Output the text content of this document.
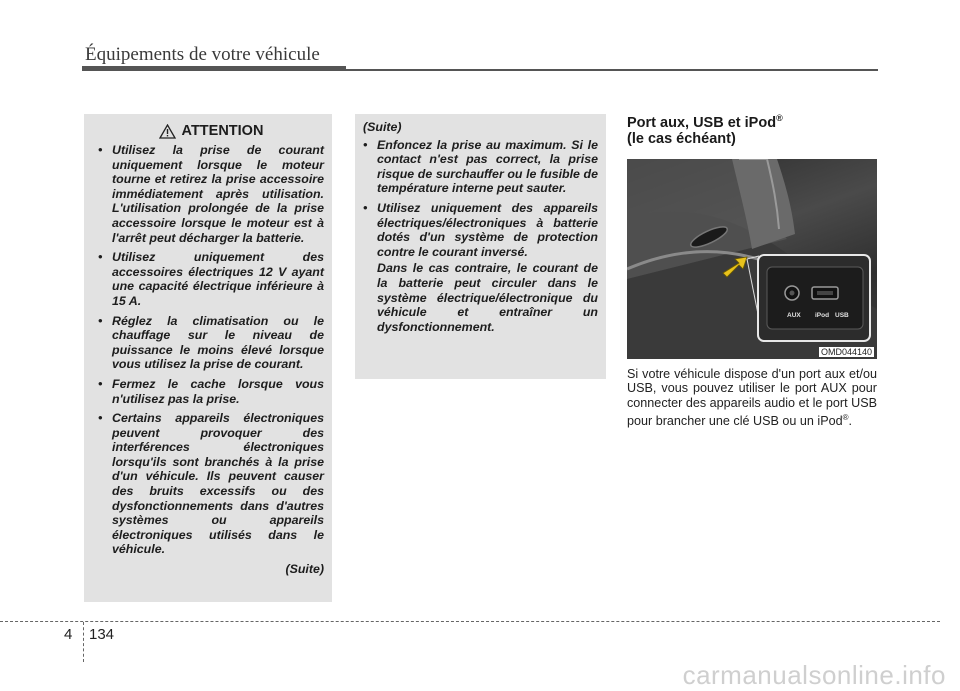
Équipements de votre véhicule
ATTENTION
• Utilisez la prise de courant uniquement lorsque le moteur tourne et retirez la prise accessoire immédiatement après utilisation. L'utilisation prolongée de la prise accessoire lorsque le moteur est à l'arrêt peut décharger la batterie.
• Utilisez uniquement des accessoires électriques 12 V ayant une capacité électrique inférieure à 15 A.
• Réglez la climatisation ou le chauffage sur le niveau de puissance le moins élevé lorsque vous utilisez la prise de courant.
• Fermez le cache lorsque vous n'utilisez pas la prise.
• Certains appareils électroniques peuvent provoquer des interférences électroniques lorsqu'ils sont branchés à la prise d'un véhicule. Ils peuvent causer des bruits excessifs ou des dysfonctionnements dans d'autres systèmes ou appareils électroniques utilisés dans le véhicule.
(Suite)
(Suite)
• Enfoncez la prise au maximum. Si le contact n'est pas correct, la prise risque de surchauffer ou le fusible de température interne peut sauter.
• Utilisez uniquement des appareils électriques/électroniques à batterie dotés d'un système de protection contre le courant inversé.
Dans le cas contraire, le courant de la batterie peut circuler dans le système électrique/électronique du véhicule et entraîner un dysfonctionnement.
Port aux, USB et iPod®
(le cas échéant)
AUX iPod USB
OMD044140
Si votre véhicule dispose d'un port aux et/ou USB, vous pouvez utiliser le port AUX pour connecter des appareils audio et le port USB pour brancher une clé USB ou un iPod®.
4 134
carmanualsonline.info
